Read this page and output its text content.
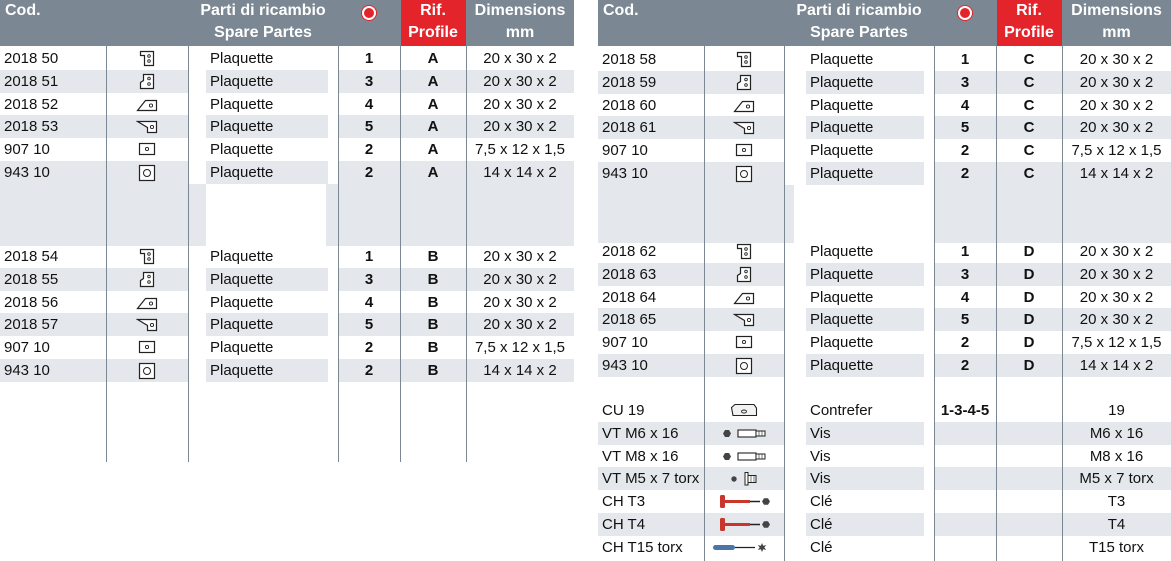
Cod.	Parti di ricambio
Spare Partes
Rif.
Profile
Dimensions
mm
2018 50	Plaquette	1	A	20 x 30 x 2
2018 51	Plaquette	3	A	20 x 30 x 2
2018 52	Plaquette	4	A	20 x 30 x 2
2018 53	Plaquette	5	A	20 x 30 x 2
907 10	Plaquette	2	A	7,5 x 12 x 1,5
943 10	Plaquette	2	A	14 x 14 x 2
2018 54	Plaquette	1	B	20 x 30 x 2
2018 55	Plaquette	3	B	20 x 30 x 2
2018 56	Plaquette	4	B	20 x 30 x 2
2018 57	Plaquette	5	B	20 x 30 x 2
907 10	Plaquette	2	B	7,5 x 12 x 1,5
943 10	Plaquette	2	B	14 x 14 x 2
Cod.	Parti di ricambio
Spare Partes
Rif.
Profile
Dimensions
mm
2018 58	Plaquette	1	C	20 x 30 x 2
2018 59	Plaquette	3	C	20 x 30 x 2
2018 60	Plaquette	4	C	20 x 30 x 2
2018 61	Plaquette	5	C	20 x 30 x 2
907 10	Plaquette	2	C	7,5 x 12 x 1,5
943 10	Plaquette	2	C	14 x 14 x 2
2018 62	Plaquette	1	D	20 x 30 x 2
2018 63	Plaquette	3	D	20 x 30 x 2
2018 64	Plaquette	4	D	20 x 30 x 2
2018 65	Plaquette	5	D	20 x 30 x 2
907 10	Plaquette	2	D	7,5 x 12 x 1,5
943 10	Plaquette	2	D	14 x 14 x 2
CU 19	Contrefer	1-3-4-5	19
VT M6 x 16	Vis	M6 x 16
VT M8 x 16	Vis	M8 x 16
VT M5 x 7 torx	Vis	M5 x 7 torx
CH T3	Clé	T3
CH T4	Clé	T4
CH T15 torx	Clé	T15 torx
